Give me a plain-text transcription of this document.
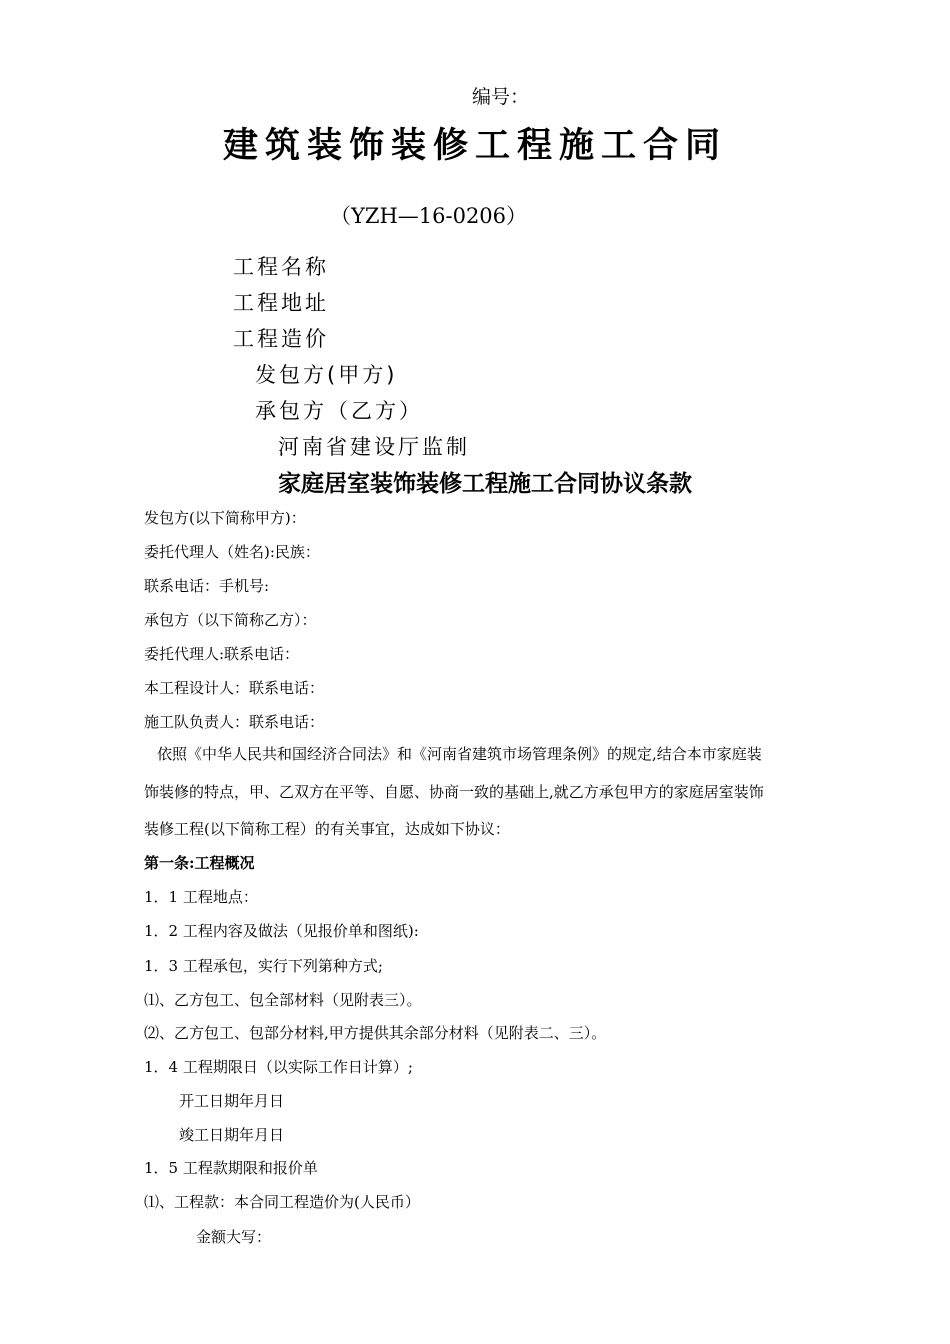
编号：
建筑装饰装修工程施工合同
（YZH—16-0206）
工程名称
工程地址
工程造价
发包方(甲方)
承包方（乙方）
河南省建设厅监制
家庭居室装饰装修工程施工合同协议条款
发包方(以下简称甲方)：
委托代理人（姓名):民族：
联系电话：手机号:
承包方（以下简称乙方）：
委托代理人:联系电话：
本工程设计人：联系电话：
施工队负责人：联系电话：
依照《中华人民共和国经济合同法》和《河南省建筑市场管理条例》的规定,结合本市家庭装
饰装修的特点，甲、乙双方在平等、自愿、协商一致的基础上,就乙方承包甲方的家庭居室装饰
装修工程(以下简称工程）的有关事宜，达成如下协议：
第一条:工程概况
1．1 工程地点：
1．2 工程内容及做法（见报价单和图纸):
1．3 工程承包，实行下列第种方式;
⑴、乙方包工、包全部材料（见附表三）。
⑵、乙方包工、包部分材料,甲方提供其余部分材料（见附表二、三）。
1．4 工程期限日（以实际工作日计算）;
开工日期年月日
竣工日期年月日
1．5 工程款期限和报价单
⑴、工程款：本合同工程造价为(人民币）
金额大写：
